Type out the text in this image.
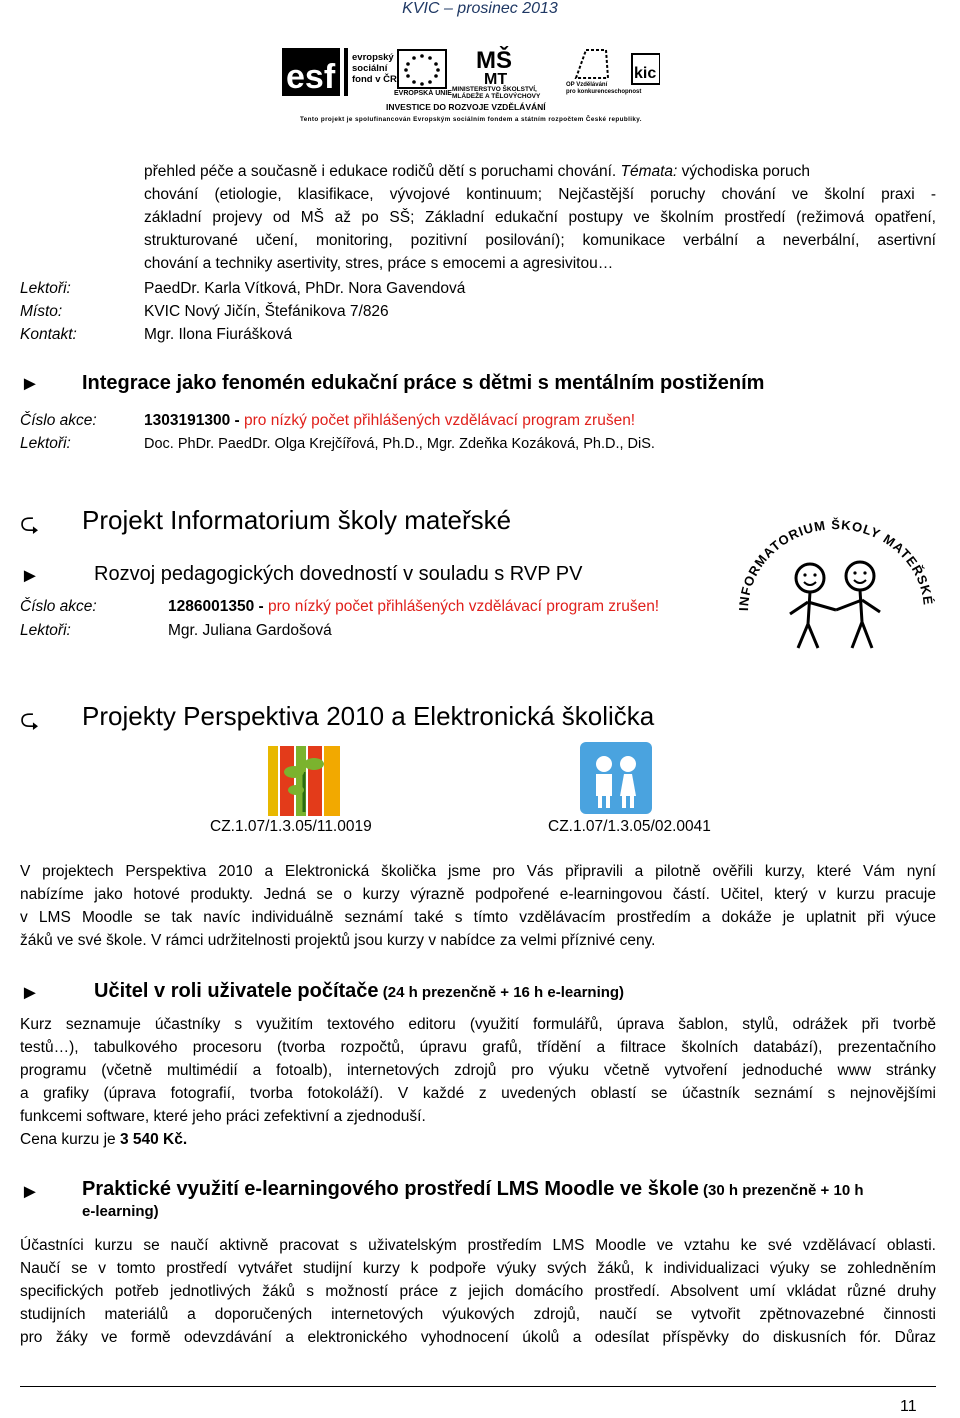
KVIC – prosinec 2013
esf	MŠ
MT	kic
evropský
sociální
fond v ČR
EVROPSKÁ UNIE
MINISTERSTVO ŠKOLSTVÍ,
MLÁDEŽE A TĚLOVÝCHOVY
OP Vzdělávání
pro konkurenceschopnost
INVESTICE DO ROZVOJE VZDĚLÁVÁNÍ
Tento projekt je spolufinancován Evropským sociálním fondem a státním rozpočtem České republiky.
přehled péče a současně i edukace rodičů dětí s poruchami chování. Témata: východiska poruch
chování (etiologie, klasifikace, vývojové kontinuum; Nejčastější poruchy chování ve školní praxi -
základní projevy od MŠ až po SŠ; Základní edukační postupy ve školním prostředí (režimová opatření,
strukturované učení, monitoring, pozitivní posilování); komunikace verbální a neverbální, asertivní
chování a techniky asertivity, stres, práce s emocemi a agresivitou…
Lektoři:	PaedDr. Karla Vítková, PhDr. Nora Gavendová
Místo:	KVIC Nový Jičín, Štefánikova 7/826
Kontakt:	Mgr. Ilona Fiurášková
► Integrace jako fenomén edukační práce s dětmi s mentálním postižením
Číslo akce:	1303191300 - pro nízký počet přihlášených vzdělávací program zrušen!
Lektoři:	Doc. PhDr. PaedDr. Olga Krejčířová, Ph.D., Mgr. Zdeňka Kozáková, Ph.D., DiS.
⮎ Projekt Informatorium školy mateřské
►	Rozvoj pedagogických dovedností v souladu s RVP PV
Číslo akce:	1286001350 - pro nízký počet přihlášených vzdělávací program zrušen!
Lektoři:	Mgr. Juliana Gardošová
INFORMATORIUM ŠKOLY MATEŘSKÉ
⮎ Projekty Perspektiva 2010 a Elektronická školička
CZ.1.07/1.3.05/11.0019	CZ.1.07/1.3.05/02.0041
V projektech Perspektiva 2010 a Elektronická školička jsme pro Vás připravili a pilotně ověřili kurzy, které Vám nyní
nabízíme jako hotové produkty. Jedná se o kurzy výrazně podpořené e-learningovou částí. Učitel, který v kurzu pracuje
v LMS Moodle se tak navíc individuálně seznámí také s tímto vzdělávacím prostředím a dokáže je uplatnit při výuce
žáků ve své škole. V rámci udržitelnosti projektů jsou kurzy v nabídce za velmi příznivé ceny.
►	Učitel v roli uživatele počítače (24 h prezenčně + 16 h e-learning)
Kurz seznamuje účastníky s využitím textového editoru (využití formulářů, úprava šablon, stylů, odrážek při tvorbě
testů…), tabulkového procesoru (tvorba rozpočtů, úpravu grafů, třídění a filtrace školních databází), prezentačního
programu (včetně multimédií a fotoalb), internetových zdrojů pro výuku včetně vytvoření jednoduché www stránky
a grafiky (úprava fotografií, tvorba fotokoláží). V každé z uvedených oblastí se účastník seznámí s nejnovějšími
funkcemi software, které jeho práci zefektivní a zjednoduší.
Cena kurzu je 3 540 Kč.
► Praktické využití e-learningového prostředí LMS Moodle ve škole (30 h prezenčně + 10 h
e-learning)
Účastníci kurzu se naučí aktivně pracovat s uživatelským prostředím LMS Moodle ve vztahu ke své vzdělávací oblasti.
Naučí se v tomto prostředí vytvářet studijní kurzy k podpoře výuky svých žáků, k individualizaci výuky se zohledněním
specifických potřeb jednotlivých žáků s možností práce z jejich domácího prostředí. Absolvent umí vkládat různé druhy
studijních materiálů a doporučených internetových výukových zdrojů, naučí se vytvořit zpětnovazebné činnosti
pro žáky ve formě odevzdávání a elektronického vyhodnocení úkolů a odesílat příspěvky do diskusních fór. Důraz
11
